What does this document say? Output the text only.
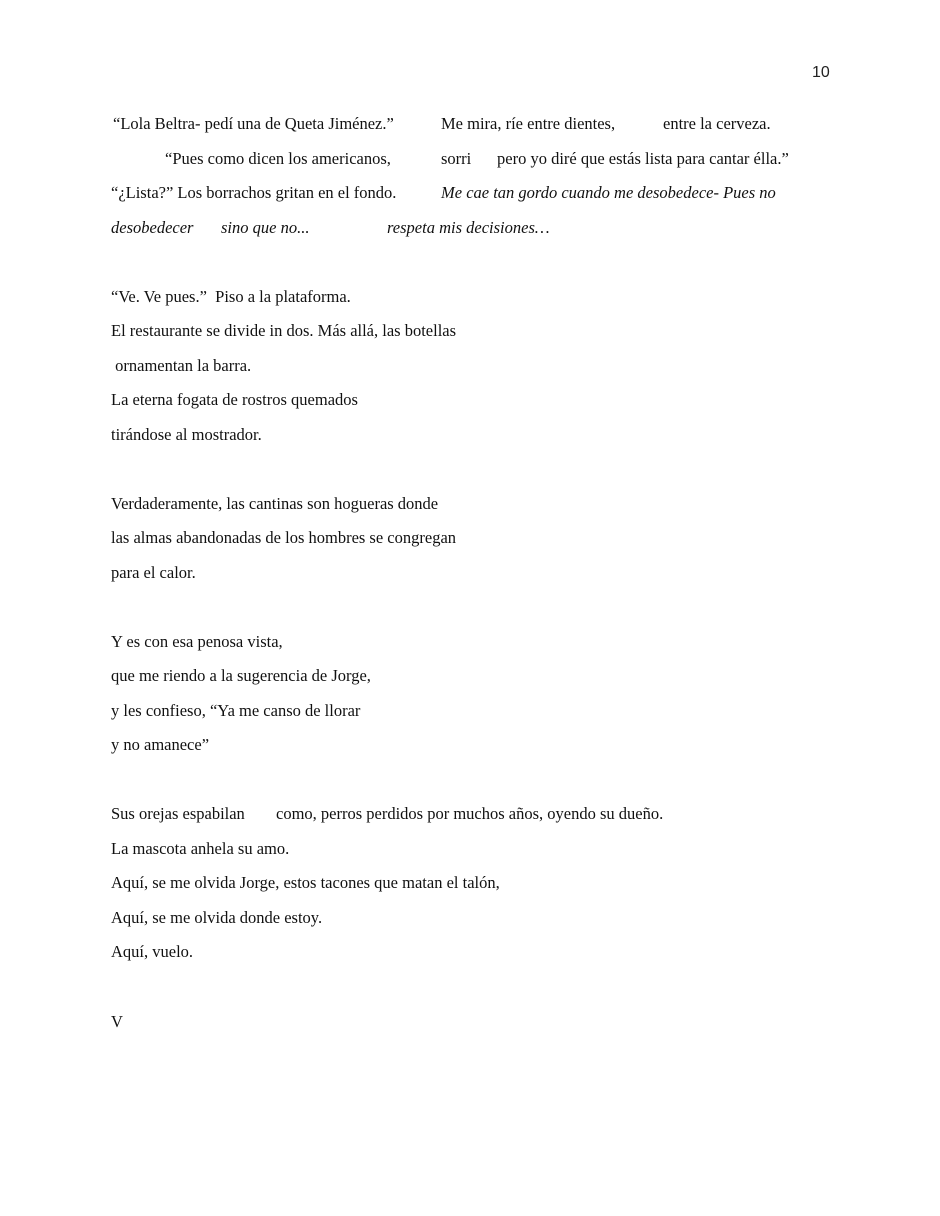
10
“Lola Beltra- pedí una de Queta Jiménez.”	Me mira, ríe entre dientes,	entre la cerveza.
“Pues como dicen los americanos,	sorri pero yo diré que estás lista para cantar élla.”
“¿Lista?” Los borrachos gritan en el fondo.	Me cae tan gordo cuando me desobedece- Pues no
desobedecer sino que no...	respeta mis decisiones…
“Ve. Ve pues.”  Piso a la plataforma.
El restaurante se divide in dos. Más allá, las botellas
ornamentan la barra.
La eterna fogata de rostros quemados
tirándose al mostrador.
Verdaderamente, las cantinas son hogueras donde
las almas abandonadas de los hombres se congregan
para el calor.
Y es con esa penosa vista,
que me riendo a la sugerencia de Jorge,
y les confieso, “Ya me canso de llorar
y no amanece”
Sus orejas espabilan como, perros perdidos por muchos años, oyendo su dueño.
La mascota anhela su amo.
Aquí, se me olvida Jorge, estos tacones que matan el talón,
Aquí, se me olvida donde estoy.
Aquí, vuelo.
V
